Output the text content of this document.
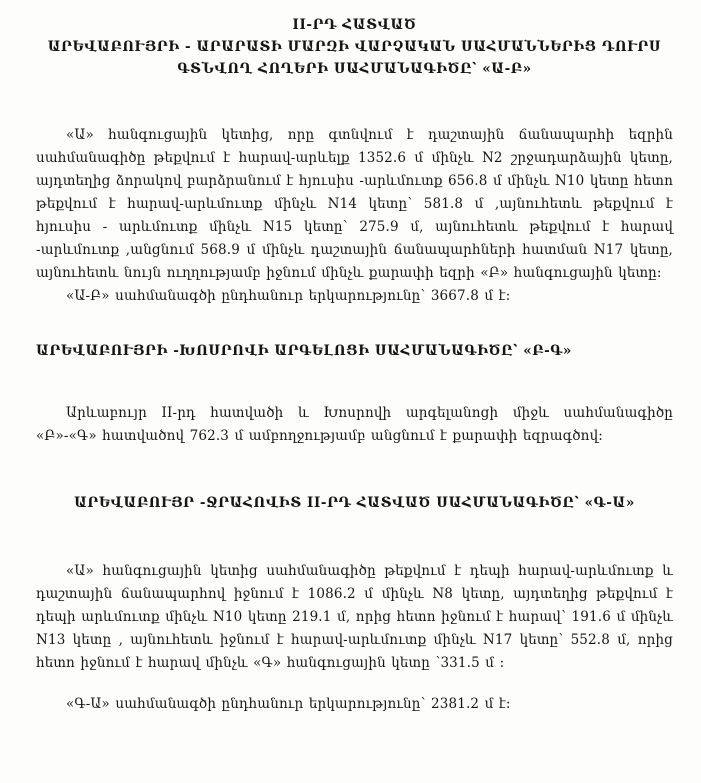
II-ՐԴ ՀԱՏՎԱԾ
ԱՐԵՎԱԲՈՒՅՐԻ - ԱՐԱՐԱՏԻ ՄԱՐԶԻ ՎԱՐՉԱԿԱՆ ՍԱՀՄԱՆՆԵՐԻՑ ԴՈՒՐՍ
ԳՏՆՎՈՂ ՀՈՂԵՐԻ ՍԱՀՄԱՆԱԳԻԾԸ՝ «Ա-Բ»

«Ա» հանգուցային կետից, որը գտնվում է դաշտային ճանապարհի եզրին սահմանագիծը թեքվում է հարավ-արևելք 1352.6 մ մինչև N2 շրջադարձային կետը, այդտեղից ձորակով բարձրանում է հյուսիս -արևմուտք 656.8 մ մինչև N10 կետը հետո թեքվում է հարավ-արևմուտք մինչև N14 կետը՝ 581.8 մ ,այնուհետև թեքվում է հյուսիս - արևմուտք մինչև N15 կետը՝ 275.9 մ, այնուհետև թեքվում է հարավ -արևմուտք ,անցնում 568.9 մ մինչև դաշտային ճանապարհների հատման N17 կետը, այնուհետև նույն ուղղությամբ իջնում մինչև քարափի եզրի «Բ» հանգուցային կետը։

«Ա-Բ» սահմանագծի ընդհանուր երկարությունը՝ 3667.8 մ է։

ԱՐԵՎԱԲՈՒՅՐԻ -ԽՈՍՐՈՎԻ ԱՐԳԵԼՈՑԻ ՍԱՀՄԱՆԱԳԻԾԸ՝ «Բ-Գ»

Արևաբույր II-րդ հատվածի և Խոսրովի արգելանոցի միջև սահմանագիծը «Բ»-«Գ» հատվածով 762.3 մ ամբողջությամբ անցնում է քարափի եզրագծով։

ԱՐԵՎԱԲՈՒՅՐ -ՋՐԱՀՈՎԻՏ II-ՐԴ ՀԱՏՎԱԾ ՍԱՀՄԱՆԱԳԻԾԸ՝ «Գ-Ա»

«Ա» հանգուցային կետից սահմանագիծը թեքվում է դեպի հարավ-արևմուտք և դաշտային ճանապարհով իջնում է 1086.2 մ մինչև N8 կետը, այդտեղից թեքվում է դեպի արևմուտք մինչև N10 կետը 219.1 մ, որից հետո իջնում է հարավ՝ 191.6 մ մինչև N13 կետը , այնուհետև իջնում է հարավ-արևմուտք մինչև N17 կետը՝ 552.8 մ, որից հետո իջնում է հարավ մինչև «Գ» հանգուցային կետը ՝331.5 մ ։

«Գ-Ա» սահմանագծի ընդհանուր երկարությունը՝ 2381.2 մ է։
